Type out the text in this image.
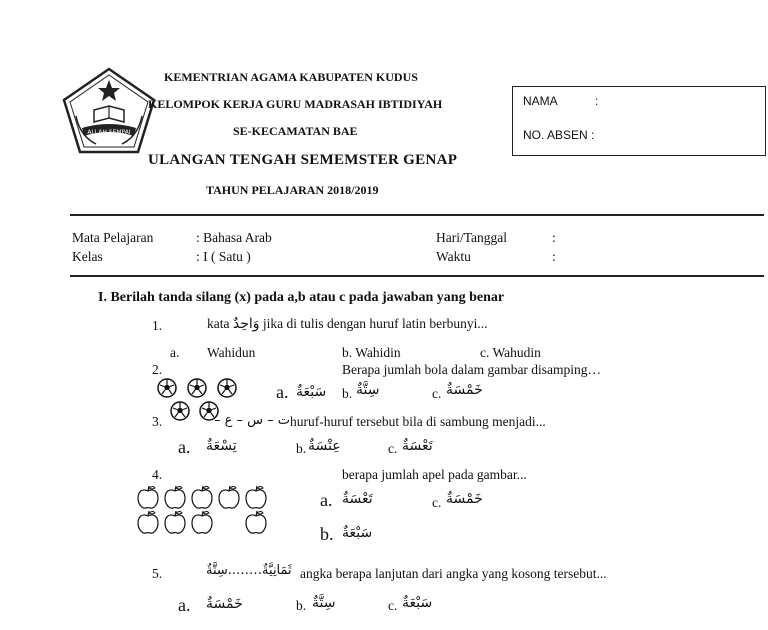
ALLAH SEMPAI
KEMENTRIAN AGAMA KABUPATEN KUDUS
KELOMPOK KERJA GURU MADRASAH IBTIDIYAH
SE-KECAMATAN BAE
ULANGAN TENGAH SEMEMSTER GENAP
TAHUN PELAJARAN 2018/2019
NAMA	:
NO. ABSEN :
Mata Pelajaran	: Bahasa Arab	Hari/Tanggal	:
Kelas	: I ( Satu )	Waktu	:
I. Berilah tanda silang (x) pada a,b atau c pada jawaban yang benar
1.	kata وَاحِدٌ jika di tulis dengan huruf latin berbunyi...
a. Wahidun	b. Wahidin	c. Wahudin
2.	Berapa jumlah bola dalam gambar disamping…
a. سَبْعَةٌ b. سِتَّةٌ	c. خَمْسَةٌ
3.	ت – س – ع – huruf-huruf tersebut bila di sambung menjadi...
a. تِسْعَةٌ	b. عِتْسَةٌ	c. تَعْسَةٌ
4.	berapa jumlah apel pada gambar...
a. تَعْسَةٌ	c. خَمْسَةٌ
b. سَبْعَةٌ
5.	ثَمَانِيَّةٌ……..سِتَّةٌ angka berapa lanjutan dari angka yang kosong tersebut...
a. خَمْسَةٌ	b. سِتَّةٌ	c. سَبْعَةٌ
